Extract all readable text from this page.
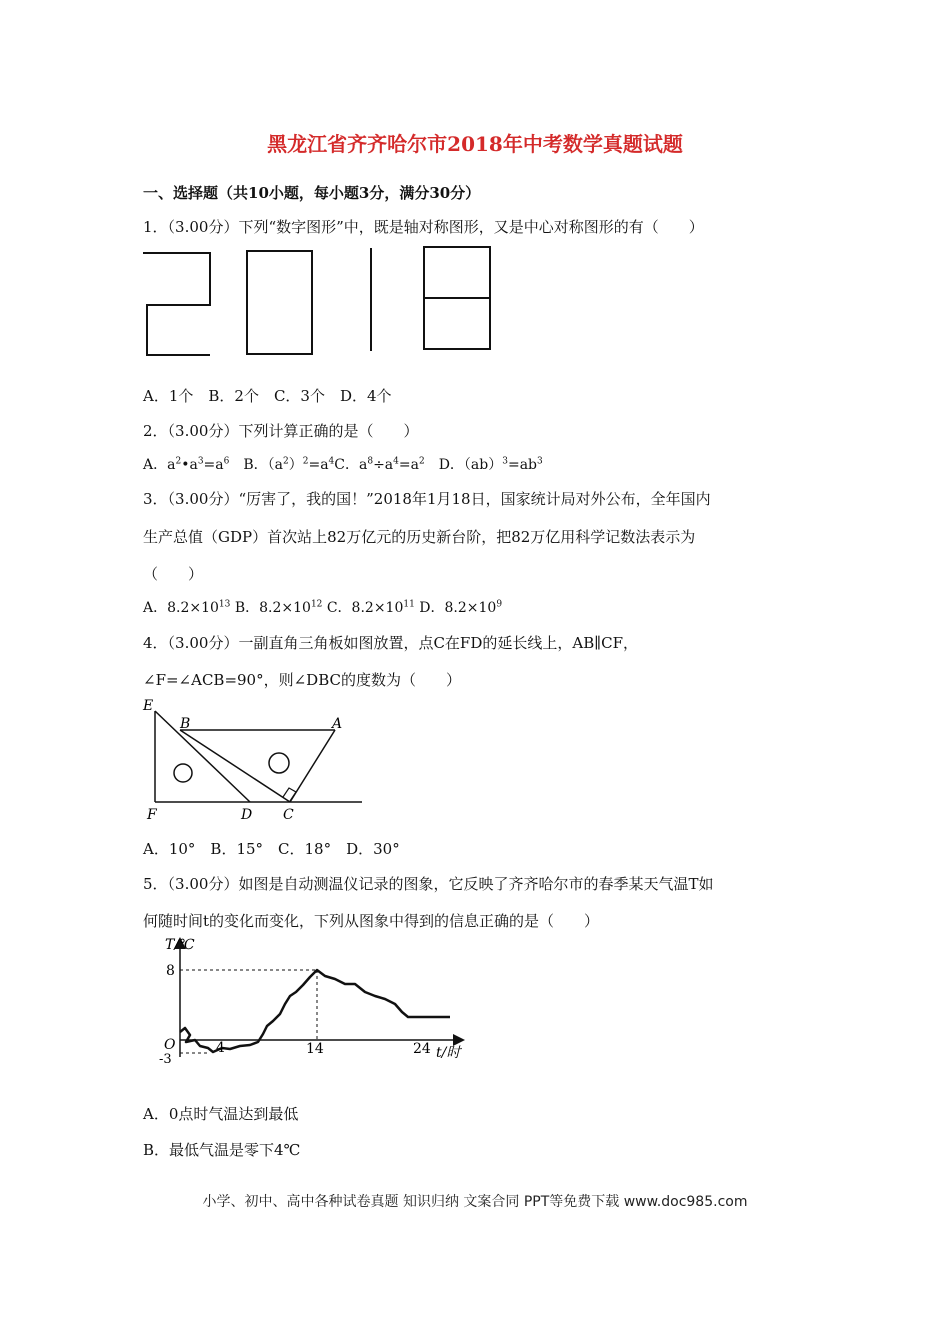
黑龙江省齐齐哈尔市2018年中考数学真题试题
一、选择题（共10小题，每小题3分，满分30分）
1．（3.00分）下列“数字图形”中，既是轴对称图形，又是中心对称图形的有（　　）
A．1个　B．2个　C．3个　D．4个
2．（3.00分）下列计算正确的是（　　）
A．$a^2•a^3=a^6$　B．$(a^2)^2=a^4C$．$a^8\div a^4=a^2$　D．$(ab)^3=ab^3$
3．（3.00分）“厉害了，我的国！”2018年1月18日，国家统计局对外公布，全年国内
生产总值（GDP）首次站上82万亿元的历史新台阶，把82万亿用科学记数法表示为
（　　）
A．$8.2\times 10^{13}$ B．$8.2\times 10^{12}$ C．$8.2\times 10^{11}$ D．$8.2\times 10^9$
4．（3.00分）一副直角三角板如图放置，点C在FD的延长线上，AB∥CF，
∠F=∠ACB=90°，则∠DBC的度数为（　　）
E
B	A
F	D C
A．10°　B．15°　C．18°　D．30°
5．（3.00分）如图是自动测温仪记录的图象，它反映了齐齐哈尔市的春季某天气温T如
何随时间t的变化而变化，下列从图象中得到的信息正确的是（　　）
T/℃
8
O
-3
4	14	24 t/时
A．0点时气温达到最低
B．最低气温是零下4℃
小学、初中、高中各种试卷真题 知识归纳 文案合同 PPT等免费下载 www.doc985.com
